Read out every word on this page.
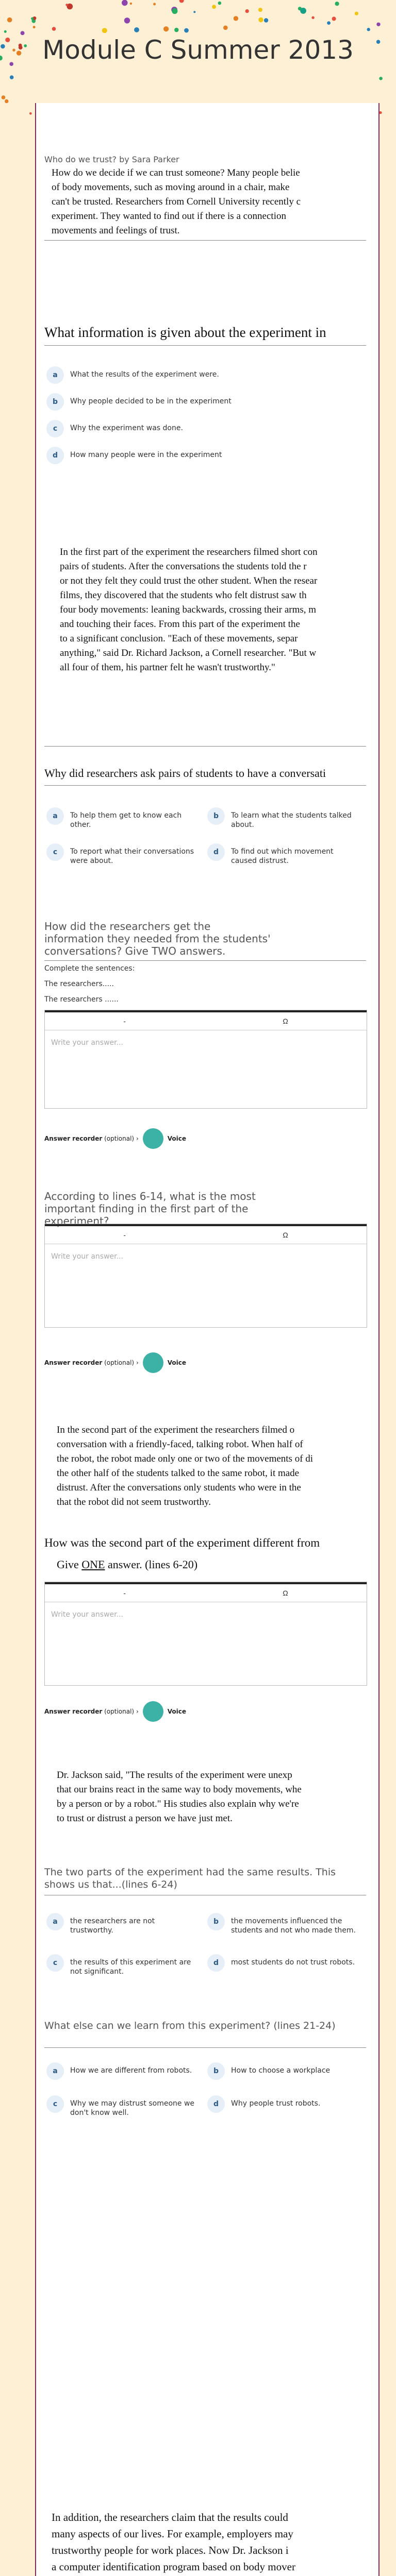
Module C Summer 2013
Who do we trust? by Sara Parker
How do we decide if we can trust someone? Many people belie
of body movements, such as moving around in a chair, make
can't be trusted. Researchers from Cornell University recently c
experiment. They wanted to find out if there is a connection
movements and feelings of trust.
What information is given about the experiment in
a	What the results of the experiment were.
b	Why people decided to be in the experiment
c	Why the experiment was done.
d	How many people were in the experiment
In the first part of the experiment the researchers filmed short con
pairs of students. After the conversations the students told the r
or not they felt they could trust the other student. When the resear
films, they discovered that the students who felt distrust saw th
four body movements: leaning backwards, crossing their arms, m
and touching their faces. From this part of the experiment the
to a significant conclusion. "Each of these movements, separ
anything," said Dr. Richard Jackson, a Cornell researcher. "But w
all four of them, his partner felt he wasn't trustworthy."
Why did researchers ask pairs of students to have a conversati
a	To help them get to know each other.
b	To learn what the students talked about.
c	To report what their conversations were about.
d	To find out which movement caused distrust.
How did the researchers get the information they needed from the students' conversations? Give TWO answers.
Complete the sentences:
The researchers.....
The researchers ......
-	Ω
Write your answer...
Answer recorder
(optional)
›	Voice
According to lines 6-14, what is the most important finding in the first part of the experiment?
-	Ω
Write your answer...
Answer recorder
(optional)
›	Voice
In the second part of the experiment the researchers filmed o
conversation with a friendly-faced, talking robot. When half of
the robot, the robot made only one or two of the movements of di
the other half of the students talked to the same robot, it made
distrust. After the conversations only students who were in the
that the robot did not seem trustworthy.
How was the second part of the experiment different from
Give ONE answer. (lines 6-20)
-	Ω
Write your answer...
Answer recorder
(optional)
›	Voice
Dr. Jackson said, "The results of the experiment were unexp
that our brains react in the same way to body movements, whe
by a person or by a robot." His studies also explain why we're
to trust or distrust a person we have just met.
The two parts of the experiment had the same results. This shows us that...(lines 6-24)
a	the researchers are not trustworthy.
b	the movements influenced the students and not who made them.
c	the results of this experiment are not significant.
d	most students do not trust robots.
What else can we learn from this experiment? (lines 21-24)
a	How we are different from robots.	b	How to choose a workplace
c	Why we may distrust someone we don't know well.
d	Why people trust robots.
In addition, the researchers claim that the results could
many aspects of our lives. For example, employers may
trustworthy people for work places. Now Dr. Jackson i
a computer identification program based on body mover
